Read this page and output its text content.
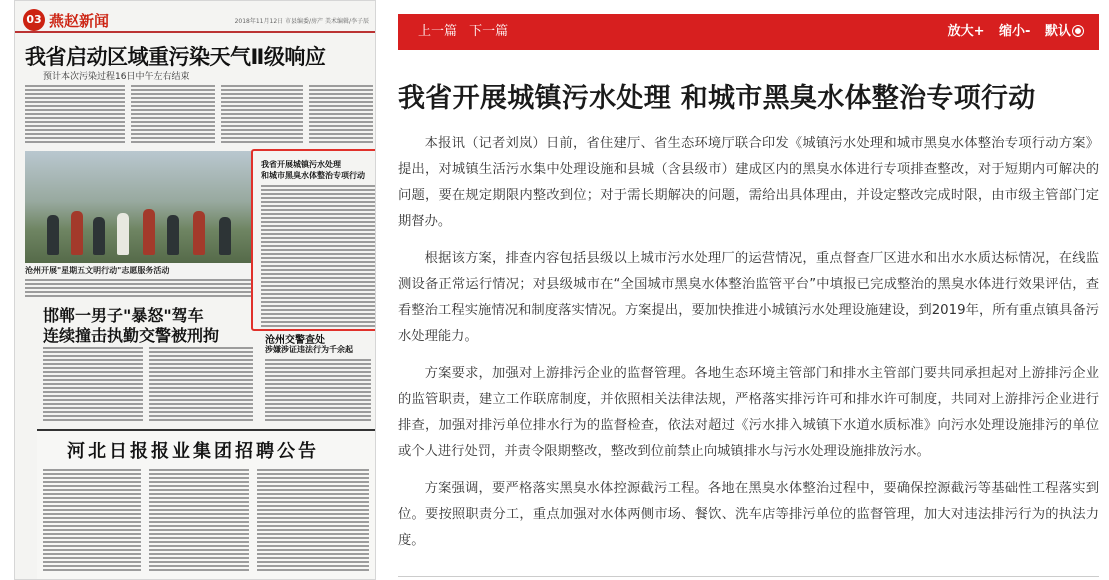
03 燕赵新闻	2018年11月12日 市县编委/房产 美术编辑/李子辰
我省启动区域重污染天气Ⅱ级响应
预计本次污染过程16日中午左右结束
沧州开展"星期五文明行动"志愿服务活动
我省开展城镇污水处理
和城市黑臭水体整治专项行动
邯郸一男子"暴怒"驾车
连续撞击执勤交警被刑拘	沧州交警查处
涉嫌涉证违法行为千余起
河北日报报业集团招聘公告
上一篇 下一篇	放大+ 缩小- 默认
我省开展城镇污水处理 和城市黑臭水体整治专项行动

本报讯（记者刘岚）日前，省住建厅、省生态环境厅联合印发《城镇污水处理和城市黑臭水体整治专项行动方案》提出，对城镇生活污水集中处理设施和县城（含县级市）建成区内的黑臭水体进行专项排查整改，对于短期内可解决的问题，要在规定期限内整改到位；对于需长期解决的问题，需给出具体理由，并设定整改完成时限，由市级主管部门定期督办。

根据该方案，排查内容包括县级以上城市污水处理厂的运营情况，重点督查厂区进水和出水水质达标情况，在线监测设备正常运行情况；对县级城市在“全国城市黑臭水体整治监管平台”中填报已完成整治的黑臭水体进行效果评估，查看整治工程实施情况和制度落实情况。方案提出，要加快推进小城镇污水处理设施建设，到2019年，所有重点镇具备污水处理能力。

方案要求，加强对上游排污企业的监督管理。各地生态环境主管部门和排水主管部门要共同承担起对上游排污企业的监管职责，建立工作联席制度，并依照相关法律法规，严格落实排污许可和排水许可制度，共同对上游排污企业进行排查，加强对排污单位排水行为的监督检查，依法对超过《污水排入城镇下水道水质标准》向污水处理设施排污的单位或个人进行处罚，并责令限期整改，整改到位前禁止向城镇排水与污水处理设施排放污水。

方案强调，要严格落实黑臭水体控源截污工程。各地在黑臭水体整治过程中，要确保控源截污等基础性工程落实到位。要按照职责分工，重点加强对水体两侧市场、餐饮、洗车店等排污单位的监督管理，加大对违法排污行为的执法力度。
